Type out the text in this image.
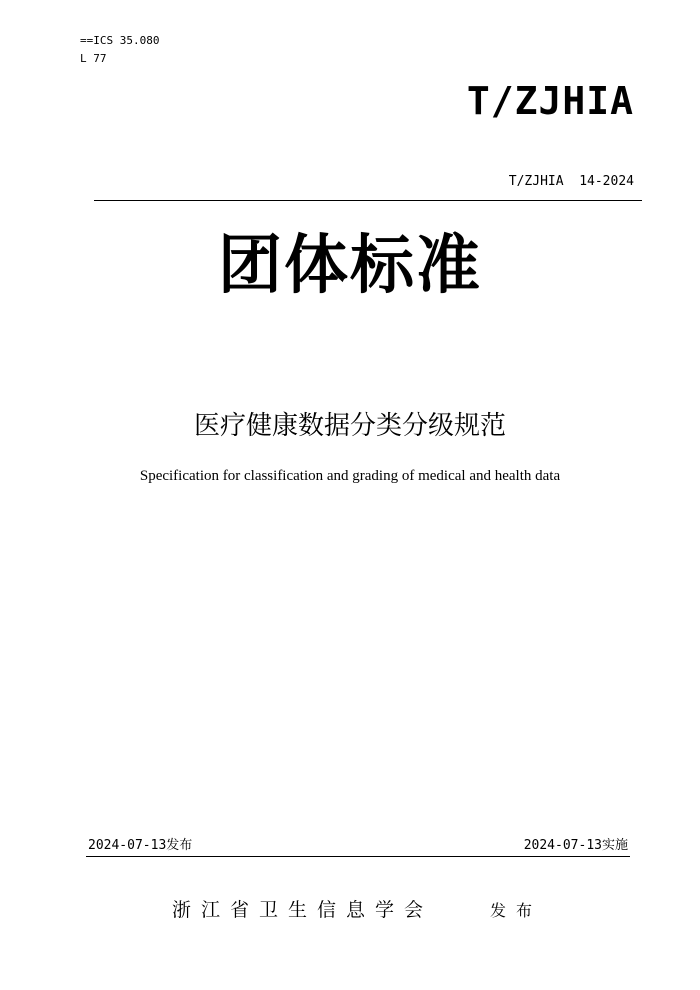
==ICS 35.080
L 77
T/ZJHIA
T/ZJHIA  14-2024
团体标准
医疗健康数据分类分级规范
Specification for classification and grading of medical and health data
2024-07-13发布	2024-07-13实施
浙江省卫生信息学会	发布
